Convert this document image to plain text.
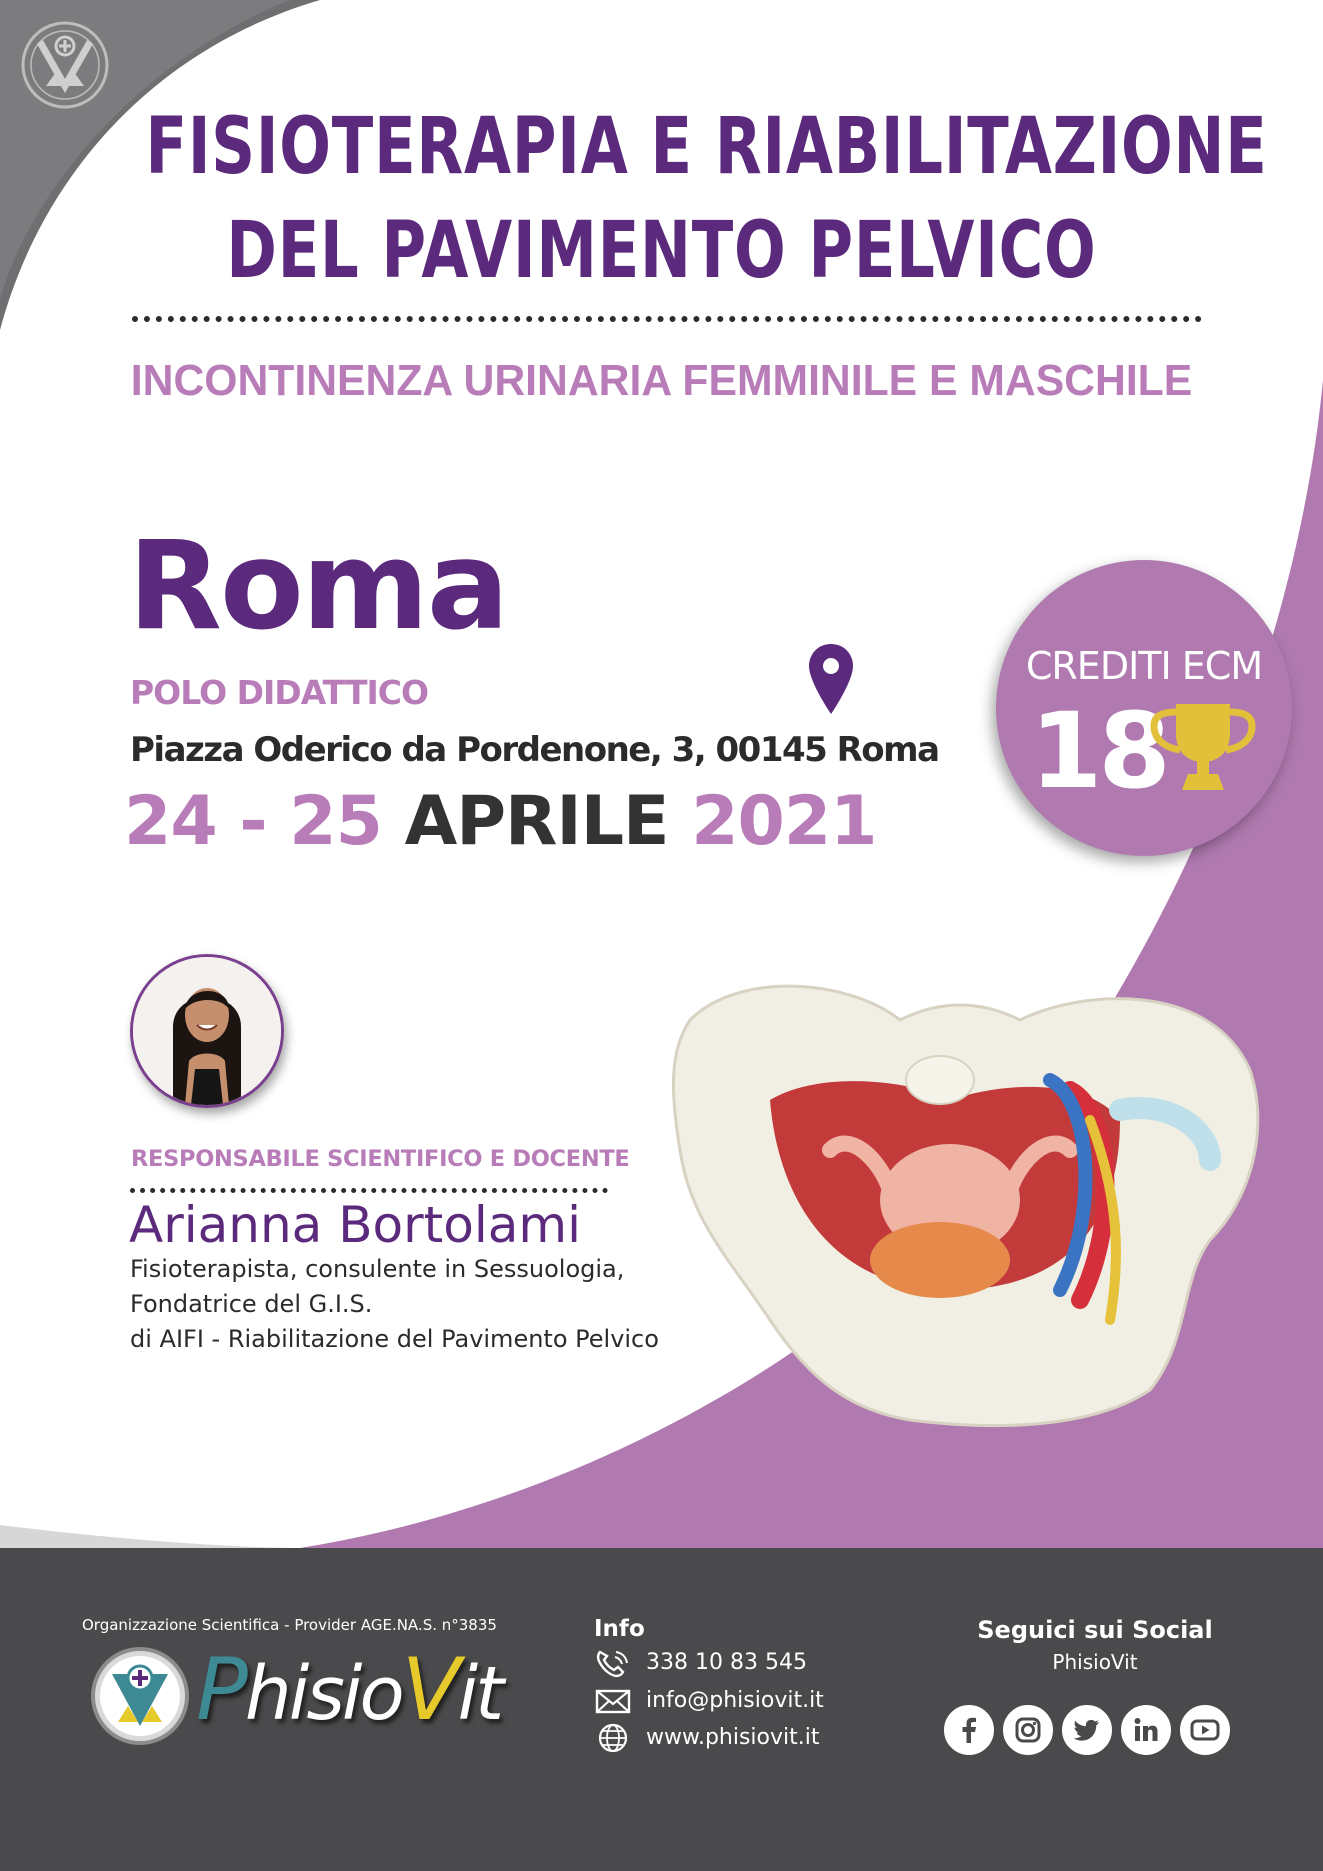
FISIOTERAPIA E RIABILITAZIONE
DEL PAVIMENTO PELVICO
INCONTINENZA URINARIA FEMMINILE E MASCHILE
Roma
POLO DIDATTICO
Piazza Oderico da Pordenone, 3, 00145 Roma
24 - 25 APRILE 2021
CREDITI ECM
18
RESPONSABILE SCIENTIFICO E DOCENTE
Arianna Bortolami
Fisioterapista, consulente in Sessuologia,
Fondatrice del G.I.S.
di AIFI - Riabilitazione del Pavimento Pelvico
Organizzazione Scientifica - Provider AGE.NA.S. n°3835
PhisioVit
Info
338 10 83 545
info@phisiovit.it
www.phisiovit.it
Seguici sui Social
PhisioVit
